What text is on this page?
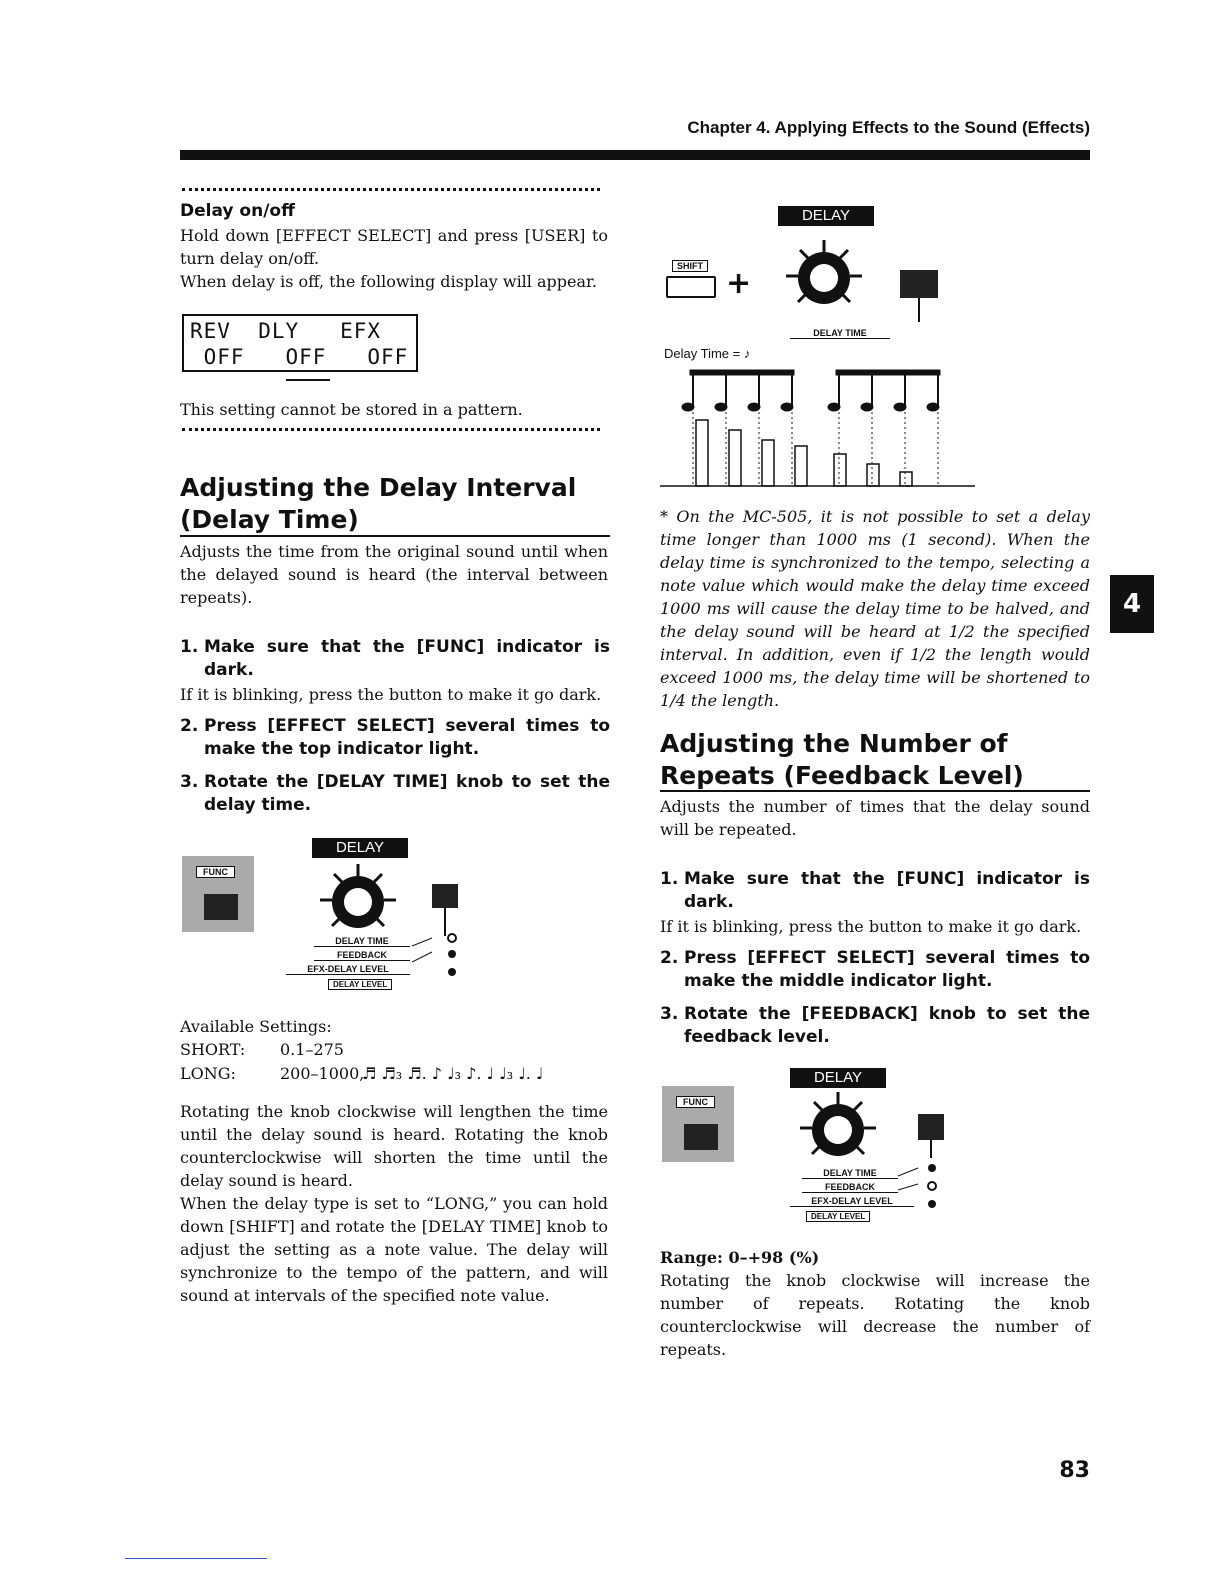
Chapter 4. Applying Effects to the Sound (Effects)
Delay on/off
Hold down [EFFECT SELECT] and press [USER] to turn delay on/off.
When delay is off, the following display will appear.
REV  DLY   EFX
OFF   OFF   OFF
This setting cannot be stored in a pattern.
Adjusting the Delay Interval
(Delay Time)
Adjusts the time from the original sound until when the delayed sound is heard (the interval between repeats).
1. Make sure that the [FUNC] indicator is dark.
If it is blinking, press the button to make it go dark.
2. Press [EFFECT SELECT] several times to make the top indicator light.
3. Rotate the [DELAY TIME] knob to set the delay time.
DELAY
FUNC
DELAY TIME
FEEDBACK
EFX-DELAY LEVEL
DELAY LEVEL
Available Settings:
SHORT: 0.1–275
LONG:	200–1000,
♬ ♬₃ ♬. ♪ ♩₃ ♪. ♩ ♩₃ ♩. ♩
Rotating the knob clockwise will lengthen the time until the delay sound is heard. Rotating the knob counterclockwise will shorten the time until the delay sound is heard.
When the delay type is set to “LONG,” you can hold down [SHIFT] and rotate the [DELAY TIME] knob to adjust the setting as a note value. The delay will synchronize to the tempo of the pattern, and will sound at intervals of the specified note value.
DELAY
SHIFT +
DELAY TIME
Delay Time = ♪
* On the MC-505, it is not possible to set a delay time longer than 1000 ms (1 second). When the delay time is synchronized to the tempo, selecting a note value which would make the delay time exceed 1000 ms will cause the delay time to be halved, and the delay sound will be heard at 1/2 the specified interval. In addition, even if 1/2 the length would exceed 1000 ms, the delay time will be shortened to 1/4 the length.
Adjusting the Number of
Repeats (Feedback Level)
Adjusts the number of times that the delay sound will be repeated.
1. Make sure that the [FUNC] indicator is dark.
If it is blinking, press the button to make it go dark.
2. Press [EFFECT SELECT] several times to make the middle indicator light.
3. Rotate the [FEEDBACK] knob to set the feedback level.
DELAY
FUNC
DELAY TIME
FEEDBACK
EFX-DELAY LEVEL
DELAY LEVEL
Range: 0–+98 (%)
Rotating the knob clockwise will increase the number of repeats. Rotating the knob counterclockwise will decrease the number of repeats.
4
83
